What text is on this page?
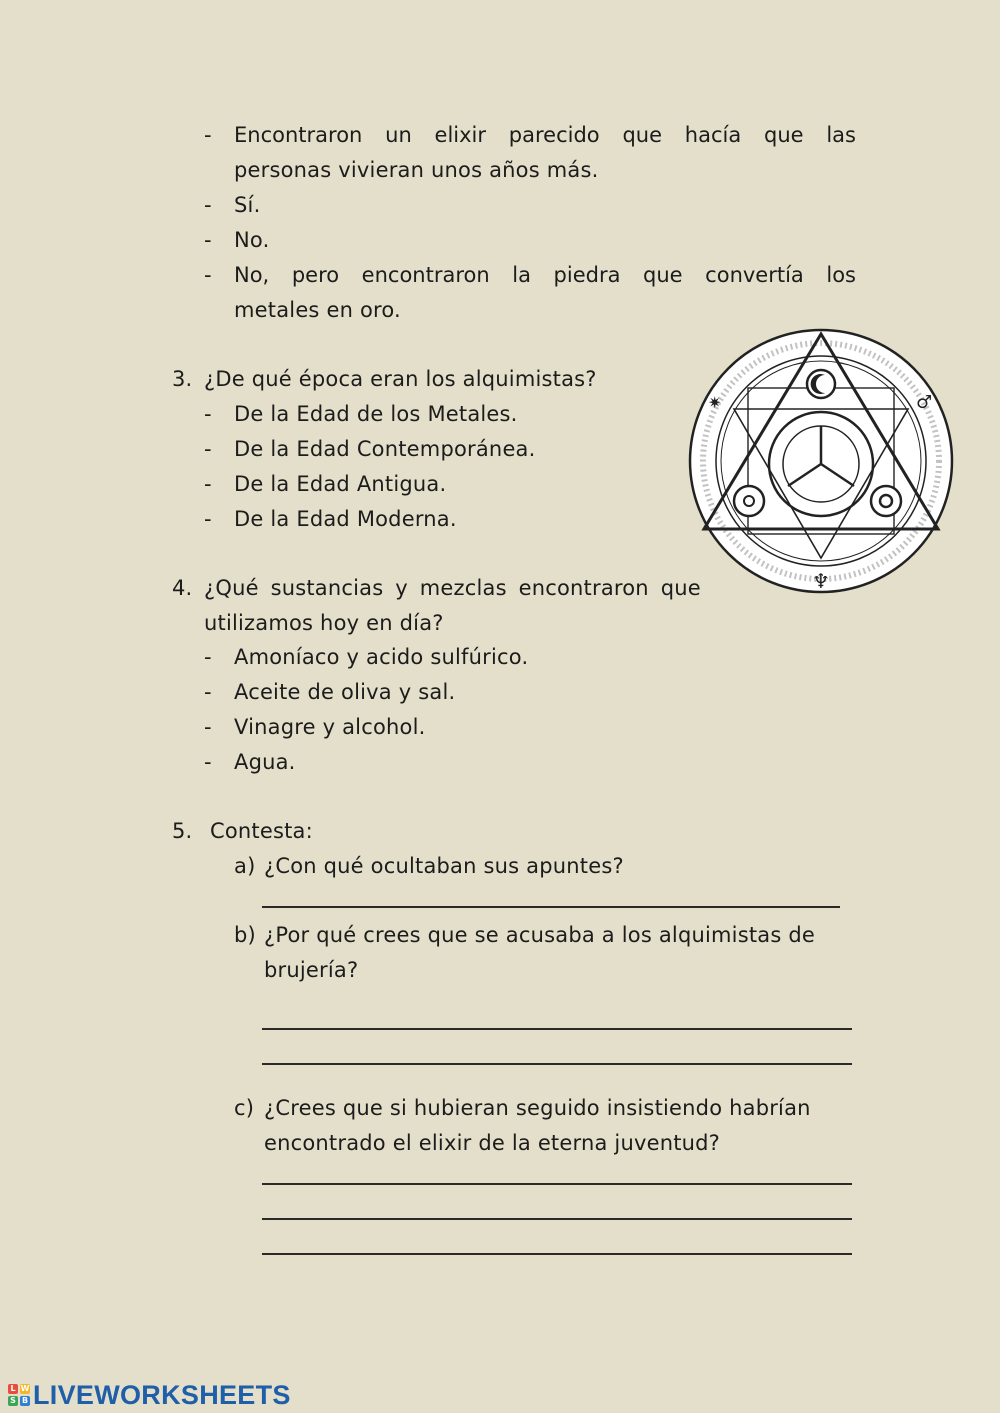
- Encontraron un elixir parecido que hacía que las
personas vivieran unos años más.
- Sí.
- No.
- No, pero encontraron la piedra que convertía los
metales en oro.
3. ¿De qué época eran los alquimistas?
- De la Edad de los Metales.
- De la Edad Contemporánea.
- De la Edad Antigua.
- De la Edad Moderna.
✷	♂
♆
4. ¿Qué sustancias y mezclas encontraron que
utilizamos hoy en día?
- Amoníaco y acido sulfúrico.
- Aceite de oliva y sal.
- Vinagre y alcohol.
- Agua.
5. Contesta:
a) ¿Con qué ocultaban sus apuntes?
b) ¿Por qué crees que se acusaba a los alquimistas de
brujería?
c) ¿Crees que si hubieran seguido insistiendo habrían
encontrado el elixir de la eterna juventud?
L W
S B LIVEWORKSHEETS
